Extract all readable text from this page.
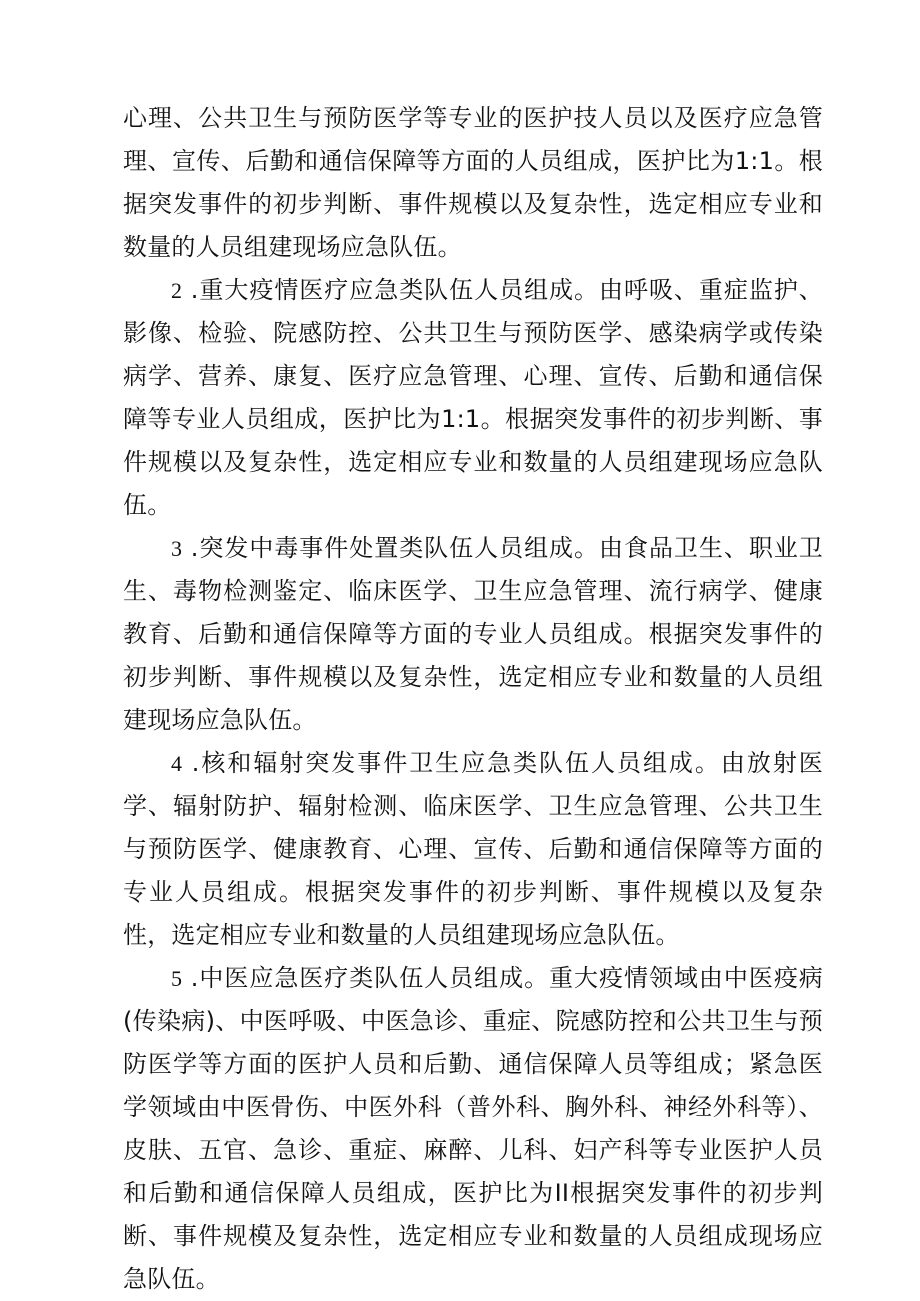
心理、公共卫生与预防医学等专业的医护技人员以及医疗应急管理、宣传、后勤和通信保障等方面的人员组成，医护比为1:1。根据突发事件的初步判断、事件规模以及复杂性，选定相应专业和数量的人员组建现场应急队伍。

2 .重大疫情医疗应急类队伍人员组成。由呼吸、重症监护、影像、检验、院感防控、公共卫生与预防医学、感染病学或传染病学、营养、康复、医疗应急管理、心理、宣传、后勤和通信保障等专业人员组成，医护比为1:1。根据突发事件的初步判断、事件规模以及复杂性，选定相应专业和数量的人员组建现场应急队伍。

3 .突发中毒事件处置类队伍人员组成。由食品卫生、职业卫生、毒物检测鉴定、临床医学、卫生应急管理、流行病学、健康教育、后勤和通信保障等方面的专业人员组成。根据突发事件的初步判断、事件规模以及复杂性，选定相应专业和数量的人员组建现场应急队伍。

4 .核和辐射突发事件卫生应急类队伍人员组成。由放射医学、辐射防护、辐射检测、临床医学、卫生应急管理、公共卫生与预防医学、健康教育、心理、宣传、后勤和通信保障等方面的专业人员组成。根据突发事件的初步判断、事件规模以及复杂性，选定相应专业和数量的人员组建现场应急队伍。

5 .中医应急医疗类队伍人员组成。重大疫情领域由中医疫病(传染病)、中医呼吸、中医急诊、重症、院感防控和公共卫生与预防医学等方面的医护人员和后勤、通信保障人员等组成；紧急医学领域由中医骨伤、中医外科（普外科、胸外科、神经外科等）、皮肤、五官、急诊、重症、麻醉、儿科、妇产科等专业医护人员和后勤和通信保障人员组成，医护比为II根据突发事件的初步判断、事件规模及复杂性，选定相应专业和数量的人员组成现场应急队伍。
